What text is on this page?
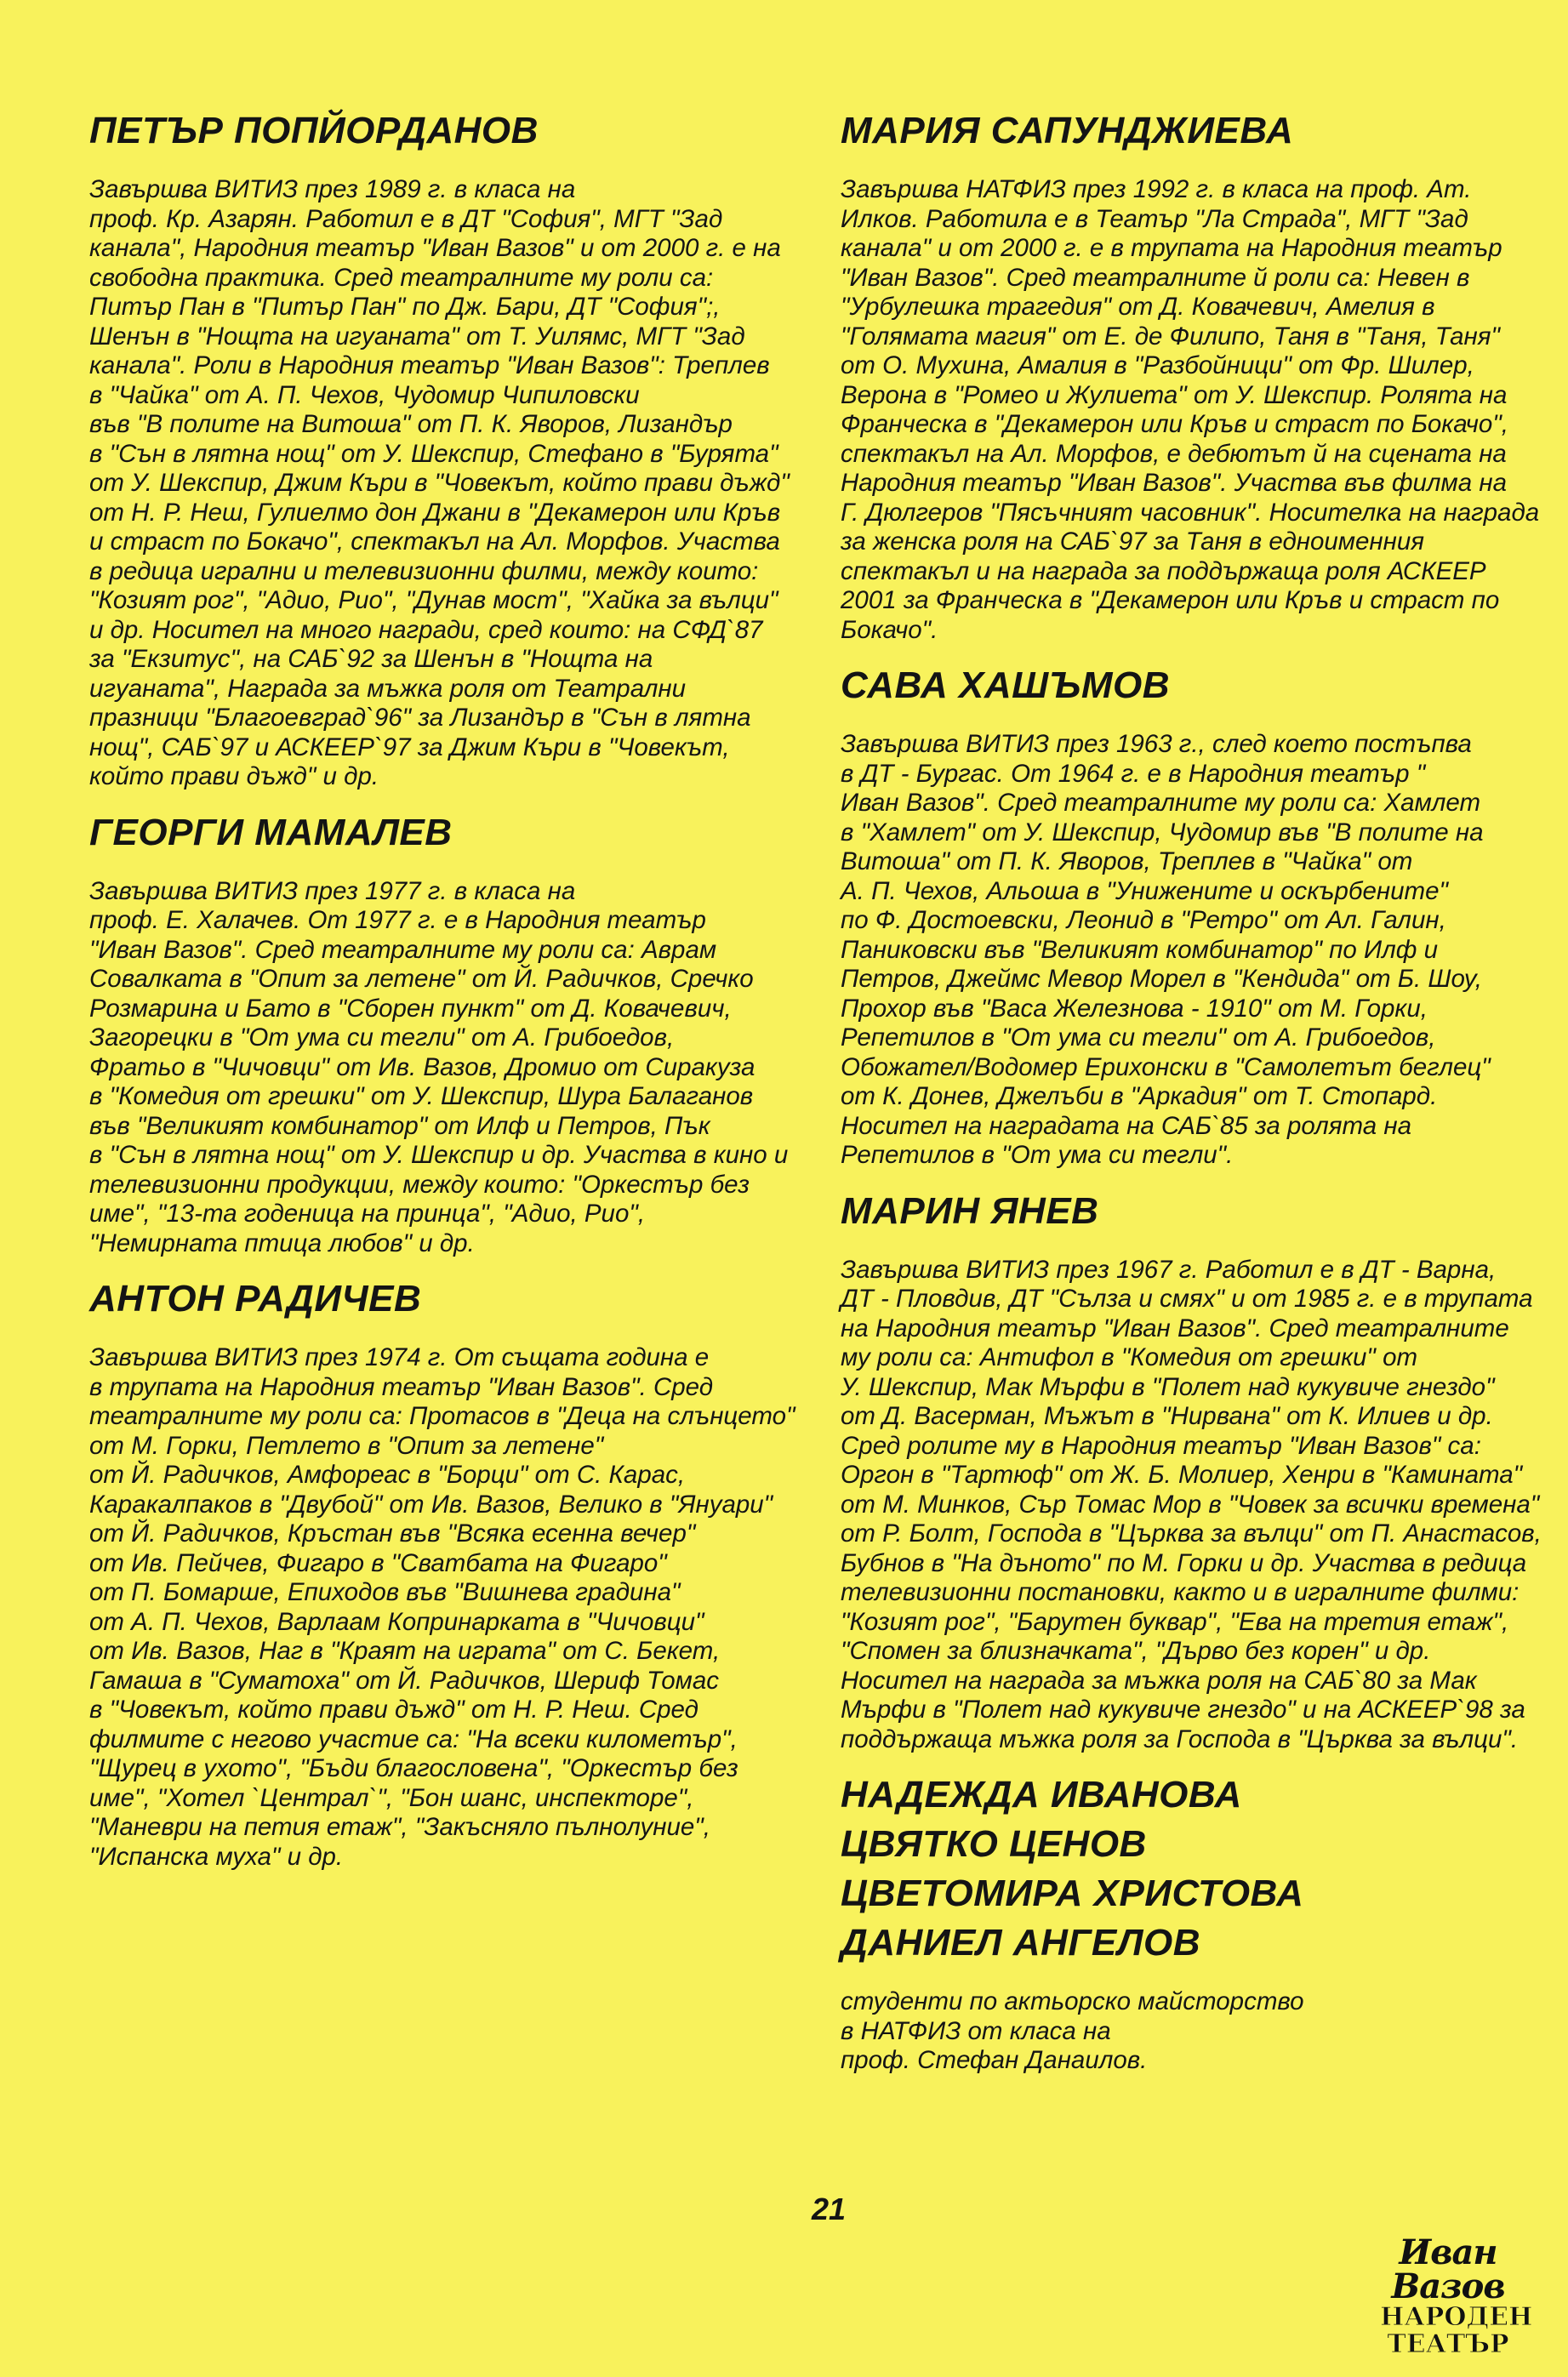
ПЕТЪР ПОПЙОРДАНОВ
Завършва ВИТИЗ през 1989 г. в класа на
проф. Кр. Азарян. Работил е в ДТ "София", МГТ "Зад
канала", Народния театър "Иван Вазов" и от 2000 г. е на
свободна практика. Сред театралните му роли са:
Питър Пан в "Питър Пан" по Дж. Бари, ДТ "София";,
Шенън в "Нощта на игуаната" от Т. Уилямс, МГТ "Зад
канала". Роли в Народния театър "Иван Вазов": Треплев
в "Чайка" от А. П. Чехов, Чудомир Чипиловски
във "В полите на Витоша" от П. К. Яворов, Лизандър
в "Сън в лятна нощ" от У. Шекспир, Стефано в "Бурята"
от У. Шекспир, Джим Къри в "Човекът, който прави дъжд"
от Н. Р. Неш, Гулиелмо дон Джани в "Декамерон или Кръв
и страст по Бокачо", спектакъл на Ал. Морфов. Участва
в редица игрални и телевизионни филми, между които:
"Козият рог", "Адио, Рио", "Дунав мост", "Хайка за вълци"
и др. Носител на много награди, сред които: на СФД`87
за "Екзитус", на САБ`92 за Шенън в "Нощта на
игуаната", Награда за мъжка роля от Театрални
празници "Благоевград`96" за Лизандър в "Сън в лятна
нощ", САБ`97 и АСКЕЕР`97 за Джим Къри в "Човекът,
който прави дъжд" и др.
ГЕОРГИ МАМАЛЕВ
Завършва ВИТИЗ през 1977 г. в класа на
проф. Е. Халачев. От 1977 г. е в Народния театър
"Иван Вазов". Сред театралните му роли са: Аврам
Совалката в "Опит за летене" от Й. Радичков, Сречко
Розмарина и Бато в "Сборен пункт" от Д. Ковачевич,
Загорецки в "От ума си тегли" от А. Грибоедов,
Фратьо в "Чичовци" от Ив. Вазов, Дромио от Сиракуза
в "Комедия от грешки" от У. Шекспир, Шура Балаганов
във "Великият комбинатор" от Илф и Петров, Пък
в "Сън в лятна нощ" от У. Шекспир и др. Участва в кино и
телевизионни продукции, между които: "Оркестър без
име", "13-та годеница на принца", "Адио, Рио",
"Немирната птица любов" и др.
АНТОН РАДИЧЕВ
Завършва ВИТИЗ през 1974 г. От същата година е
в трупата на Народния театър "Иван Вазов". Сред
театралните му роли са: Протасов в "Деца на слънцето"
от М. Горки, Петлето в "Опит за летене"
от Й. Радичков, Амфореас в "Борци" от С. Карас,
Каракалпаков в "Двубой" от Ив. Вазов, Велико в "Януари"
от Й. Радичков, Кръстан във "Всяка есенна вечер"
от Ив. Пейчев, Фигаро в "Сватбата на Фигаро"
от П. Бомарше, Епиходов във "Вишнева градина"
от А. П. Чехов, Варлаам Копринарката в "Чичовци"
от Ив. Вазов, Наг в "Краят на играта" от С. Бекет,
Гамаша в "Суматоха" от Й. Радичков, Шериф Томас
в "Човекът, който прави дъжд" от Н. Р. Неш. Сред
филмите с негово участие са: "На всеки километър",
"Щурец в ухото", "Бъди благословена", "Оркестър без
име", "Хотел `Централ`", "Бон шанс, инспекторе",
"Маневри на петия етаж", "Закъсняло пълнолуние",
"Испанска муха" и др.
МАРИЯ САПУНДЖИЕВА
Завършва НАТФИЗ през 1992 г. в класа на проф. Ат.
Илков. Работила е в Театър "Ла Страда", МГТ "Зад
канала" и от 2000 г. е в трупата на Народния театър
"Иван Вазов". Сред театралните й роли са: Невен в
"Урбулешка трагедия" от Д. Ковачевич, Амелия в
"Голямата магия" от Е. де Филипо, Таня в "Таня, Таня"
от О. Мухина, Амалия в "Разбойници" от Фр. Шилер,
Верона в "Ромео и Жулиета" от У. Шекспир. Ролята на
Франческа в "Декамерон или Кръв и страст по Бокачо",
спектакъл на Ал. Морфов, е дебютът й на сцената на
Народния театър "Иван Вазов". Участва във филма на
Г. Дюлгеров "Пясъчният часовник". Носителка на награда
за женска роля на САБ`97 за Таня в едноименния
спектакъл и на награда за поддържаща роля АСКЕЕР
2001 за Франческа в "Декамерон или Кръв и страст по
Бокачо".
САВА ХАШЪМОВ
Завършва ВИТИЗ през 1963 г., след което постъпва
в ДТ - Бургас. От 1964 г. е в Народния театър "
Иван Вазов". Сред театралните му роли са: Хамлет
в "Хамлет" от У. Шекспир, Чудомир във "В полите на
Витоша" от П. К. Яворов, Треплев в "Чайка" от
А. П. Чехов, Альоша в "Унижените и оскърбените"
по Ф. Достоевски, Леонид в "Ретро" от Ал. Галин,
Паниковски във "Великият комбинатор" по Илф и
Петров, Джеймс Мевор Морел в "Кендида" от Б. Шоу,
Прохор във "Васа Железнова - 1910" от М. Горки,
Репетилов в "От ума си тегли" от А. Грибоедов,
Обожател/Водомер Ерихонски в "Самолетът беглец"
от К. Донев, Джелъби в "Аркадия" от Т. Стопард.
Носител на наградата на САБ`85 за ролята на
Репетилов в "От ума си тегли".
МАРИН ЯНЕВ
Завършва ВИТИЗ през 1967 г. Работил е в ДТ - Варна,
ДТ - Пловдив, ДТ "Сълза и смях" и от 1985 г. е в трупата
на Народния театър "Иван Вазов". Сред театралните
му роли са: Антифол в "Комедия от грешки" от
У. Шекспир, Мак Мърфи в "Полет над кукувиче гнездо"
от Д. Васерман, Мъжът в "Нирвана" от К. Илиев и др.
Сред ролите му в Народния театър "Иван Вазов" са:
Оргон в "Тартюф" от Ж. Б. Молиер, Хенри в "Камината"
от М. Минков, Сър Томас Мор в "Човек за всички времена"
от Р. Болт, Господа в "Църква за вълци" от П. Анастасов,
Бубнов в "На дъното" по М. Горки и др. Участва в редица
телевизионни постановки, както и в игралните филми:
"Козият рог", "Барутен буквар", "Ева на третия етаж",
"Спомен за близначката", "Дърво без корен" и др.
Носител на награда за мъжка роля на САБ`80 за Мак
Мърфи в "Полет над кукувиче гнездо" и на АСКЕЕР`98 за
поддържаща мъжка роля за Господа в "Църква за вълци".
НАДЕЖДА ИВАНОВА
ЦВЯТКО ЦЕНОВ
ЦВЕТОМИРА ХРИСТОВА
ДАНИЕЛ АНГЕЛОВ
студенти по актьорско майсторство
в НАТФИЗ от класа на
проф. Стефан Данаилов.
21
Иван Вазов
НАРОДЕН
ТЕАТЪР
